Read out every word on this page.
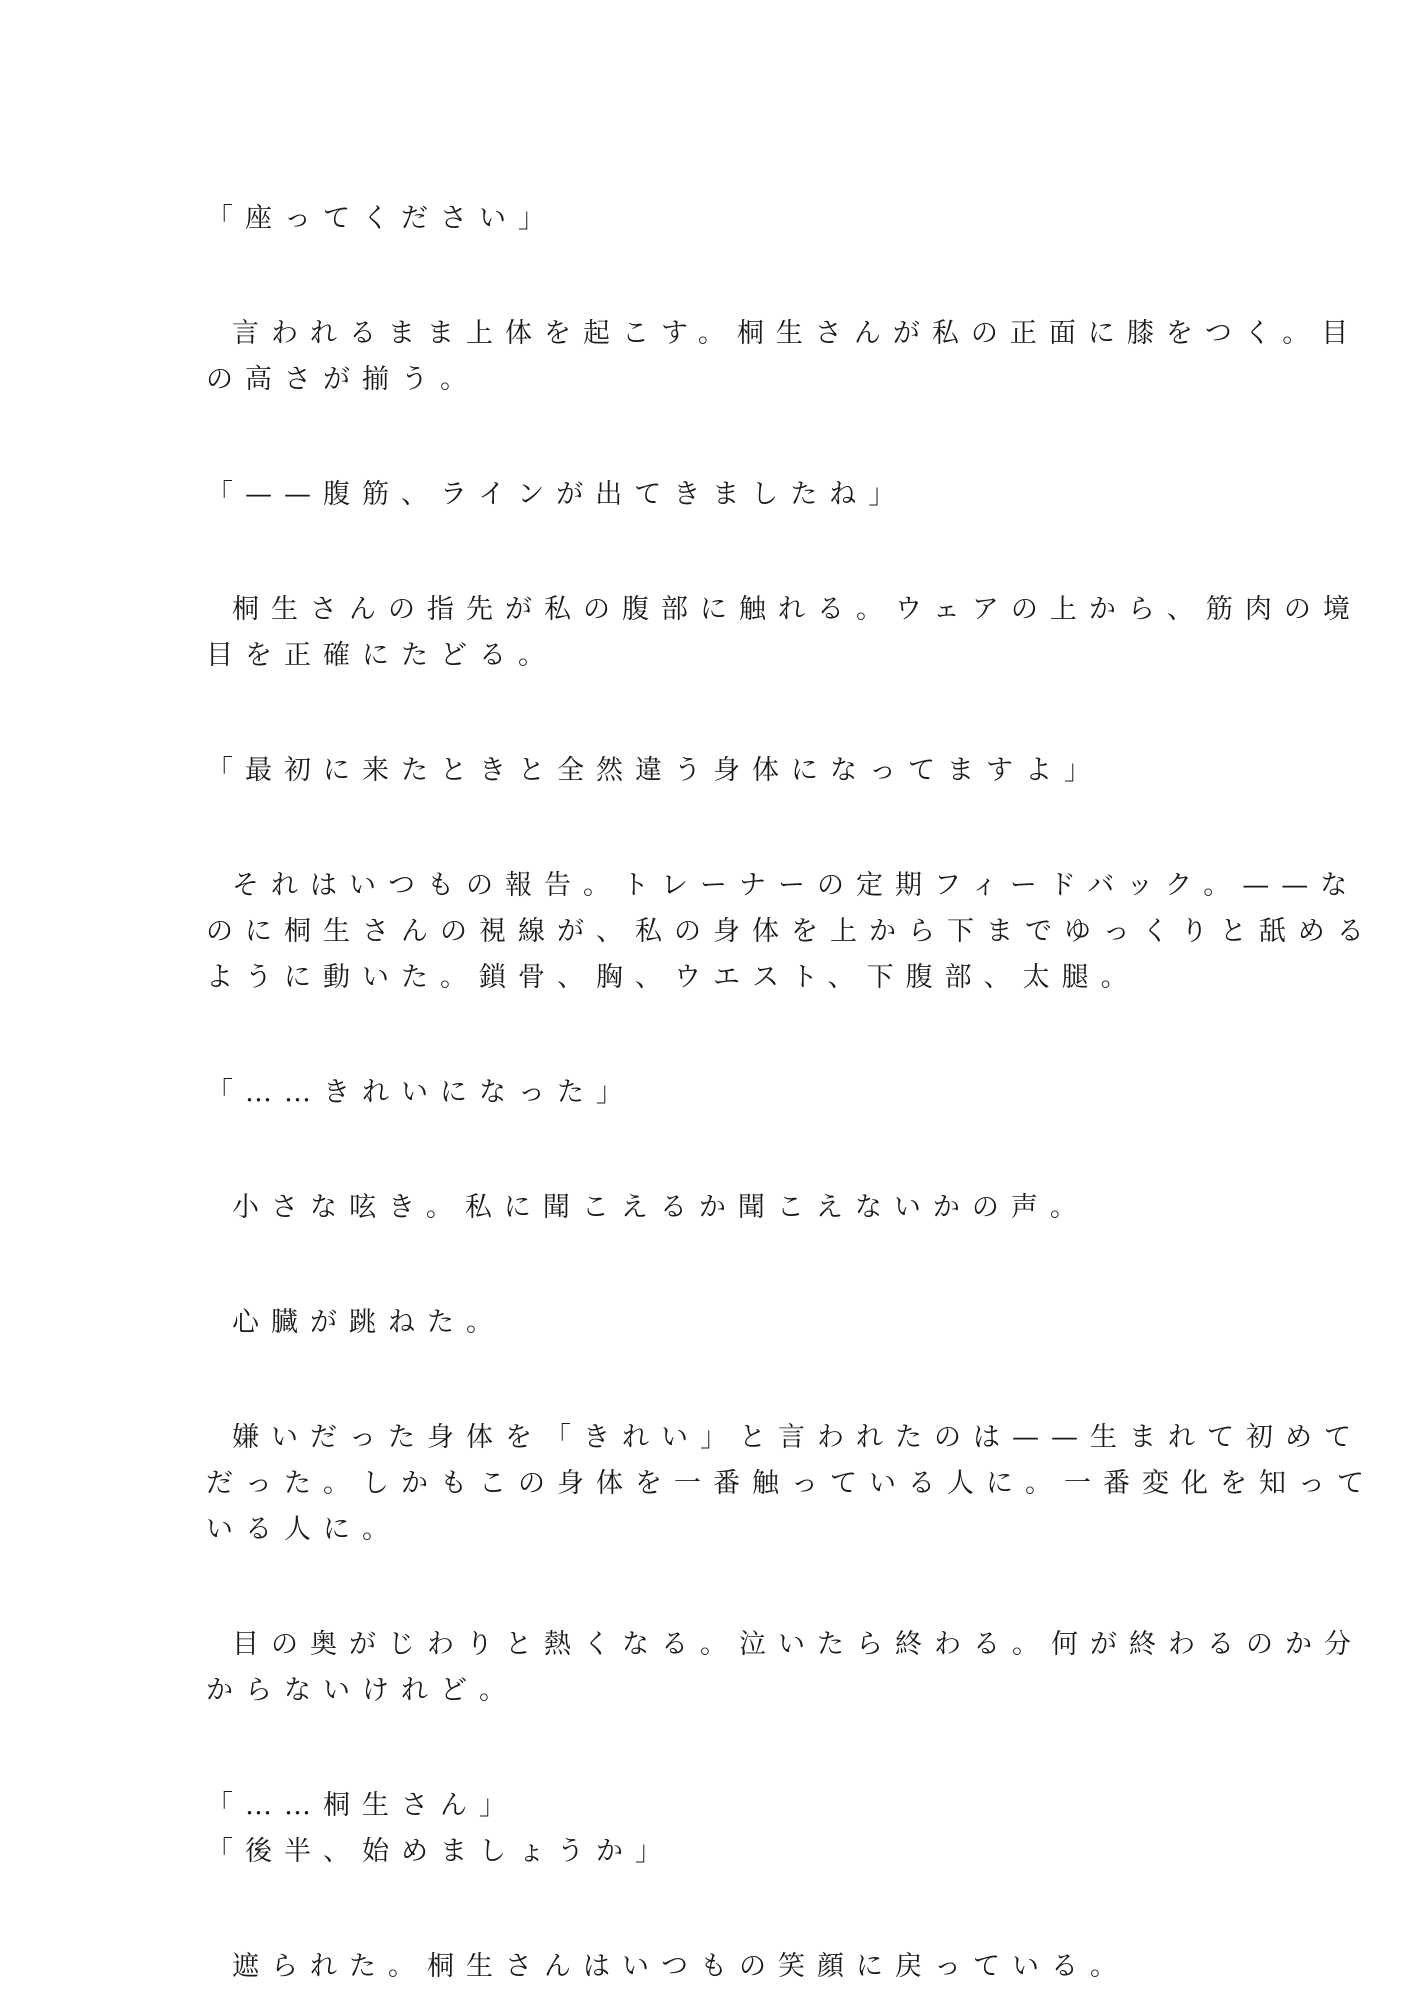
「座ってください」
言われるまま上体を起こす。桐生さんが私の正面に膝をつく。目
の高さが揃う。
「——腹筋、ラインが出てきましたね」
桐生さんの指先が私の腹部に触れる。ウェアの上から、筋肉の境
目を正確にたどる。
「最初に来たときと全然違う身体になってますよ」
それはいつもの報告。トレーナーの定期フィードバック。——な
のに桐生さんの視線が、私の身体を上から下までゆっくりと舐める
ように動いた。鎖骨、胸、ウエスト、下腹部、太腿。
「……きれいになった」
小さな呟き。私に聞こえるか聞こえないかの声。
心臓が跳ねた。
嫌いだった身体を「きれい」と言われたのは——生まれて初めて
だった。しかもこの身体を一番触っている人に。一番変化を知って
いる人に。
目の奥がじわりと熱くなる。泣いたら終わる。何が終わるのか分
からないけれど。
「……桐生さん」
「後半、始めましょうか」
遮られた。桐生さんはいつもの笑顔に戻っている。
